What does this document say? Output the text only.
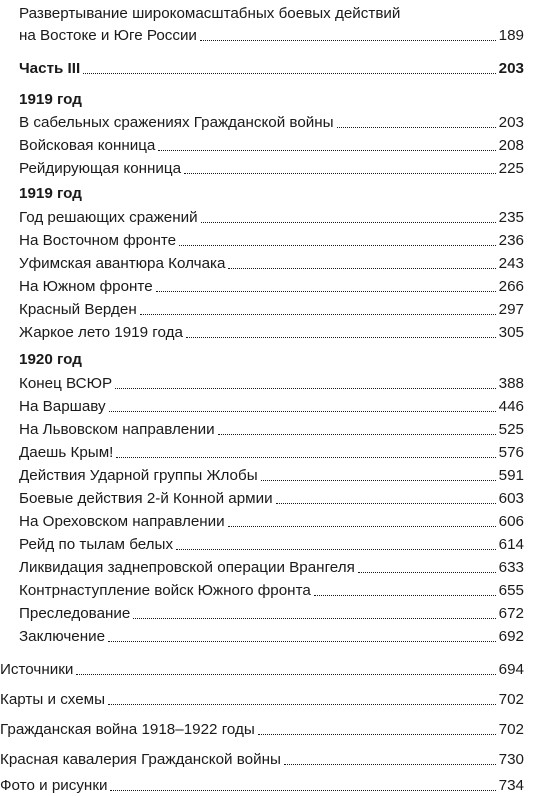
Развертывание широкомасштабных боевых действий
на Востоке и Юге России	189
Часть III	203
1919 год
В сабельных сражениях Гражданской войны	203
Войсковая конница	208
Рейдирующая конница	225
1919 год
Год решающих сражений	235
На Восточном фронте	236
Уфимская авантюра Колчака	243
На Южном фронте	266
Красный Верден	297
Жаркое лето 1919 года	305
1920 год
Конец ВСЮР	388
На Варшаву	446
На Львовском направлении	525
Даешь Крым!	576
Действия Ударной группы Жлобы	591
Боевые действия 2-й Конной армии	603
На Ореховском направлении	606
Рейд по тылам белых	614
Ликвидация заднепровской операции Врангеля	633
Контрнаступление войск Южного фронта	655
Преследование	672
Заключение	692
Источники	694
Карты и схемы	702
Гражданская война 1918–1922 годы	702
Красная кавалерия Гражданской войны	730
Фото и рисунки	734
